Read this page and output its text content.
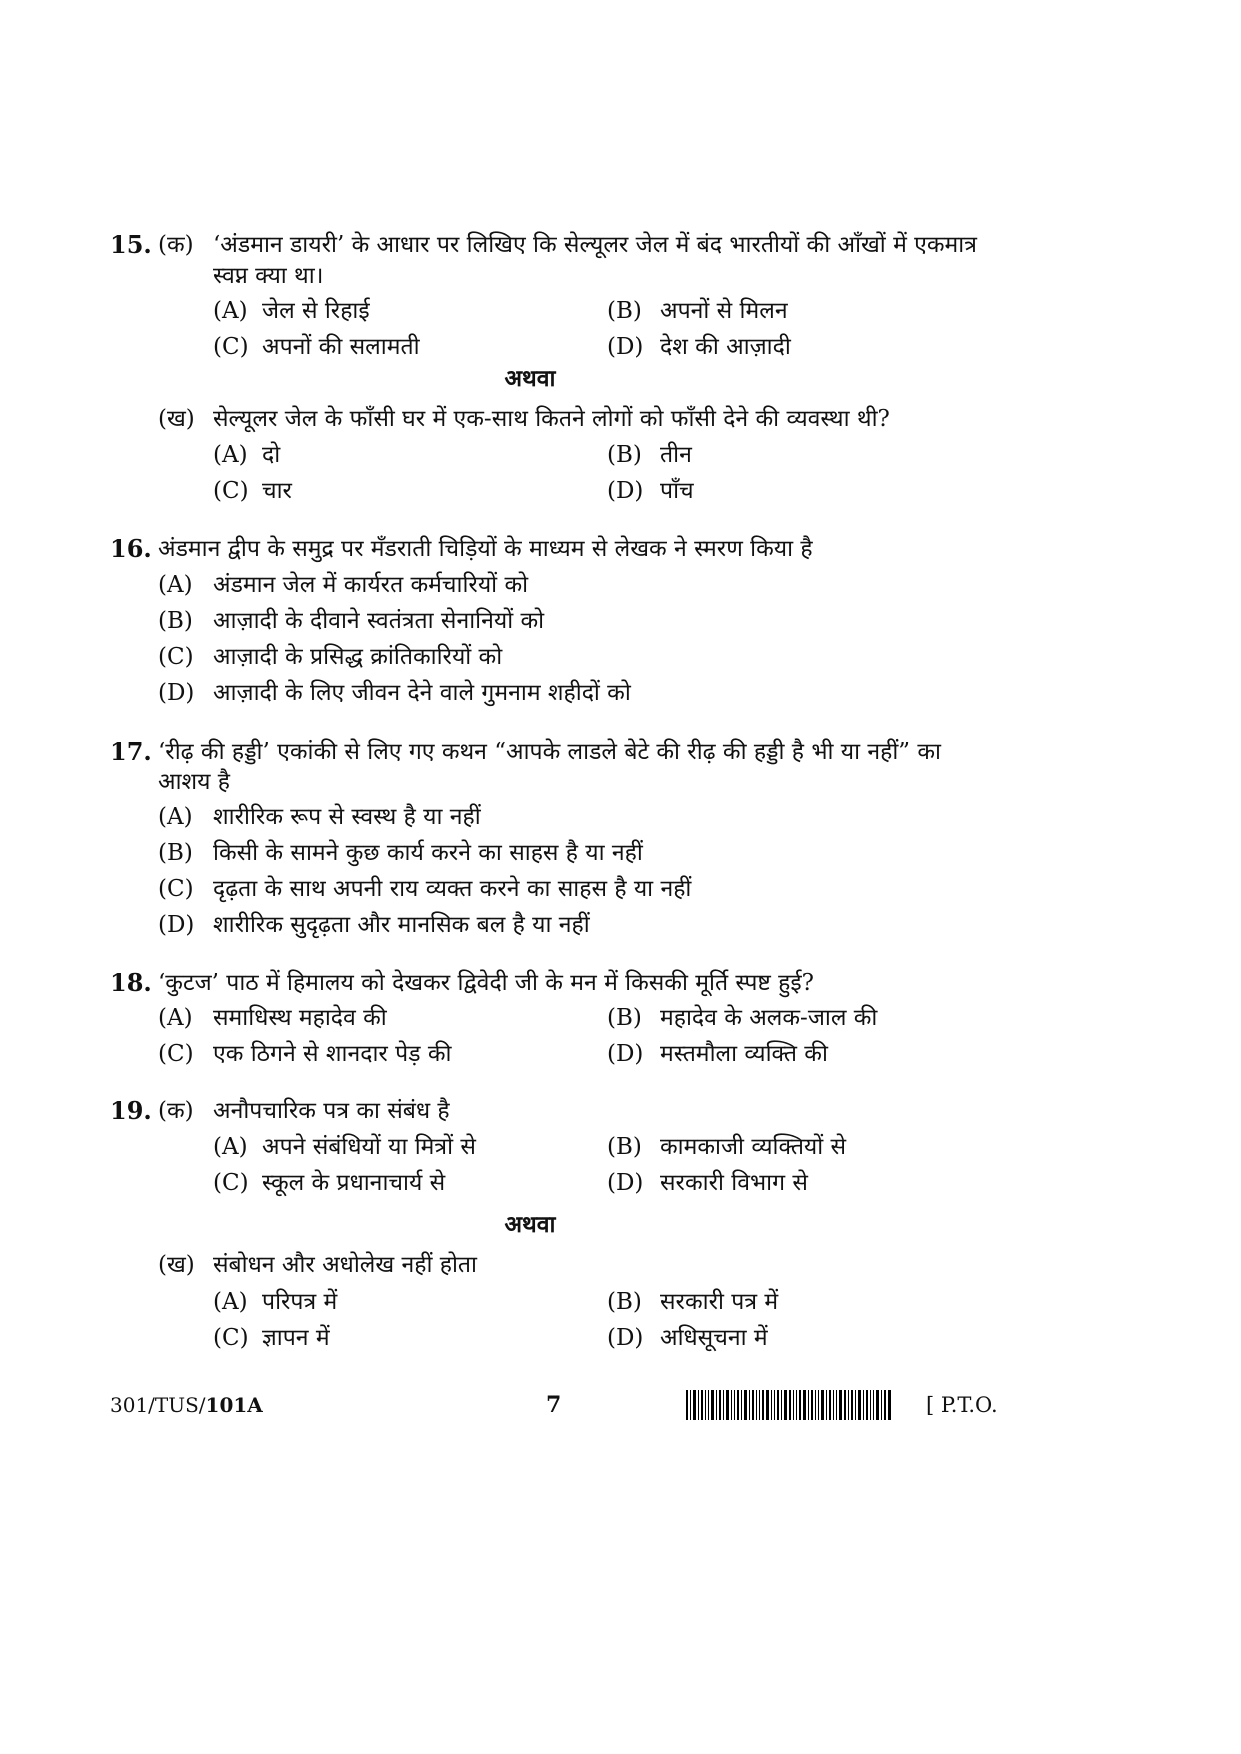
15. (क) ‘अंडमान डायरी’ के आधार पर लिखिए कि सेल्यूलर जेल में बंद भारतीयों की आँखों में एकमात्र
स्वप्न क्या था।
(A) जेल से रिहाई	(B) अपनों से मिलन
(C) अपनों की सलामती	(D) देश की आज़ादी
अथवा
(ख) सेल्यूलर जेल के फाँसी घर में एक-साथ कितने लोगों को फाँसी देने की व्यवस्था थी?
(A) दो	(B) तीन
(C) चार	(D) पाँच
16. अंडमान द्वीप के समुद्र पर मँडराती चिड़ियों के माध्यम से लेखक ने स्मरण किया है
(A) अंडमान जेल में कार्यरत कर्मचारियों को
(B) आज़ादी के दीवाने स्वतंत्रता सेनानियों को
(C) आज़ादी के प्रसिद्ध क्रांतिकारियों को
(D) आज़ादी के लिए जीवन देने वाले गुमनाम शहीदों को
17. ‘रीढ़ की हड्डी’ एकांकी से लिए गए कथन “आपके लाडले बेटे की रीढ़ की हड्डी है भी या नहीं” का
आशय है
(A) शारीरिक रूप से स्वस्थ है या नहीं
(B) किसी के सामने कुछ कार्य करने का साहस है या नहीं
(C) दृढ़ता के साथ अपनी राय व्यक्त करने का साहस है या नहीं
(D) शारीरिक सुदृढ़ता और मानसिक बल है या नहीं
18. ‘कुटज’ पाठ में हिमालय को देखकर द्विवेदी जी के मन में किसकी मूर्ति स्पष्ट हुई?
(A) समाधिस्थ महादेव की	(B) महादेव के अलक-जाल की
(C) एक ठिगने से शानदार पेड़ की	(D) मस्तमौला व्यक्ति की
19. (क) अनौपचारिक पत्र का संबंध है
(A) अपने संबंधियों या मित्रों से	(B) कामकाजी व्यक्तियों से
(C) स्कूल के प्रधानाचार्य से	(D) सरकारी विभाग से
अथवा
(ख) संबोधन और अधोलेख नहीं होता
(A) परिपत्र में	(B) सरकारी पत्र में
(C) ज्ञापन में	(D) अधिसूचना में
301/TUS/101A	7	[ P.T.O.
